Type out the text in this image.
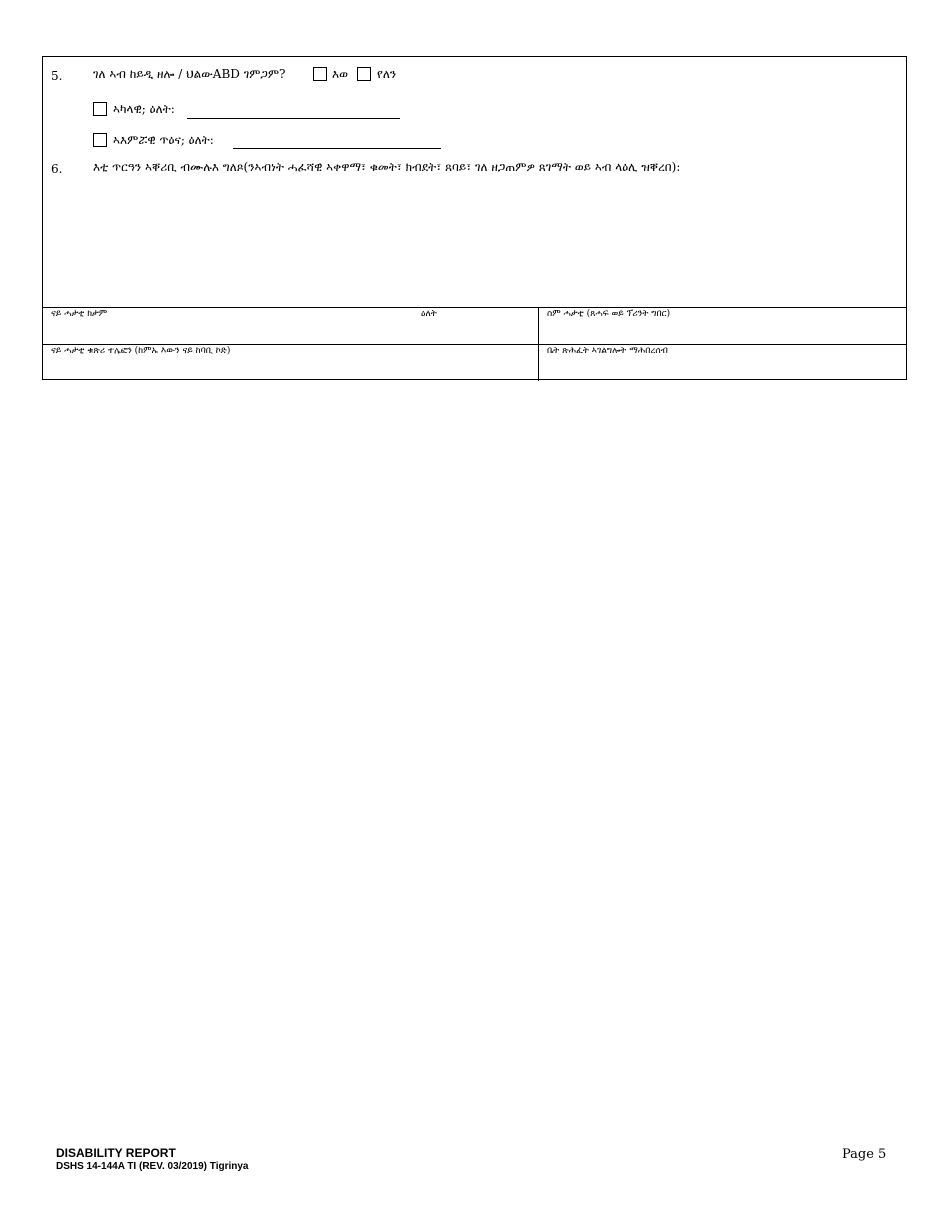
5.	ገለ ኣብ ከይዲ ዘሎ / ህልውABD ገምጋም?	እወ የለን
ኣካላዊ; ዕለት:
ኣእምሯዊ ጥዕና; ዕለት:
6.	እቲ ጥርዓን ኣቐሪቢ ብሙሉእ ግለጾ(ንኣብነት ሓፈሻዊ ኣቀዋማ፣ ቁመት፣ ክብደት፣ ጸባይ፣ ገለ ዘጋጠምዎ ጸገማት ወይ ኣብ ላዕሊ ዝቐረበ):
ናይ ሓታቲ ክታም	ዕለት	ስም ሓታቲ (ጸሓፍ ወይ ፕሪንት ግበር)
ናይ ሓታቲ ቁጽሪ ተሌፎን (ከምኡ እውን ናይ ከባቢ ኮድ)	ቤት ጽሕፈት ኣገልግሎት ማሕበረሰብ
DISABILITY REPORT
DSHS 14-144A TI (REV. 03/2019) Tigrinya
Page 5
